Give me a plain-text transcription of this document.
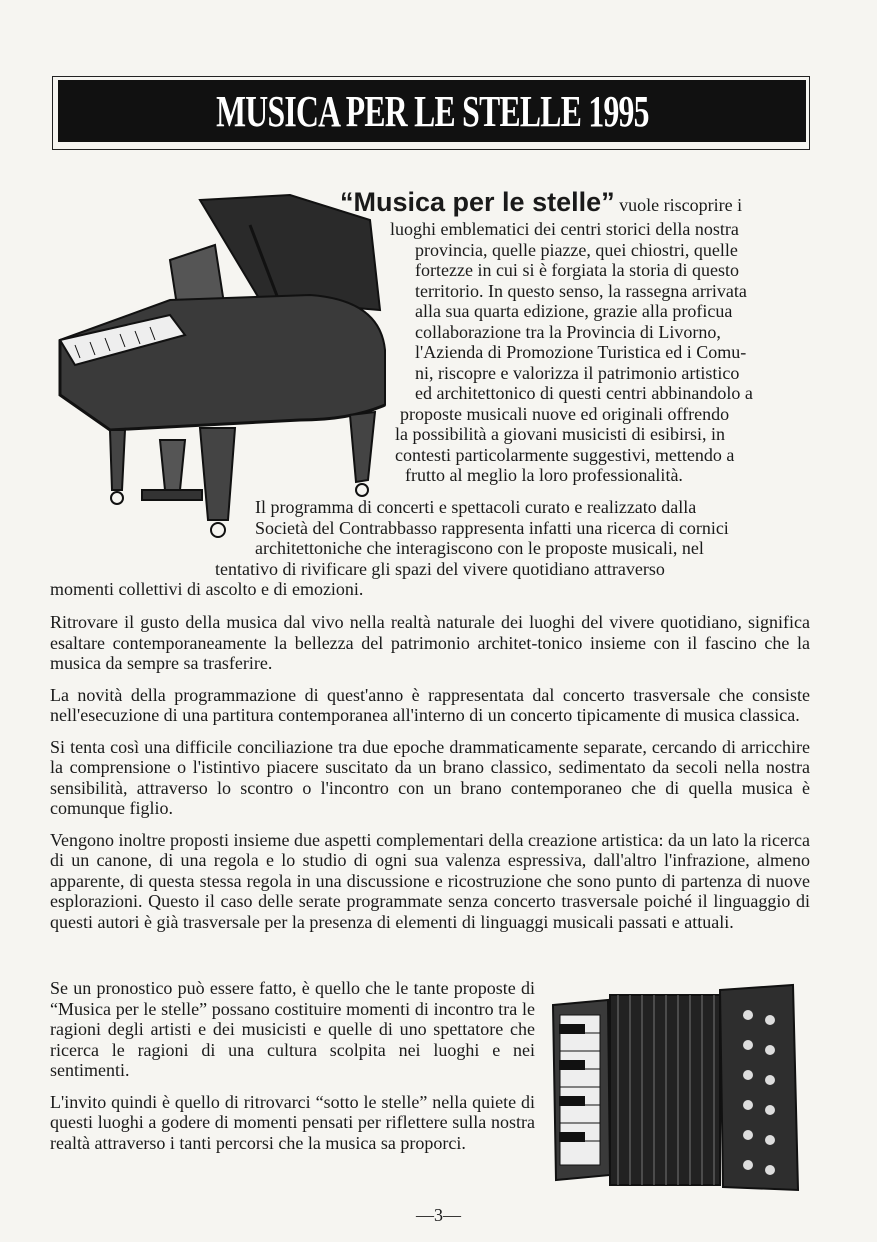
MUSICA PER LE STELLE 1995
“Musica per le stelle” vuole riscoprire i
luoghi emblematici dei centri storici della nostra
provincia, quelle piazze, quei chiostri, quelle
fortezze in cui si è forgiata la storia di questo
territorio. In questo senso, la rassegna arrivata
alla sua quarta edizione, grazie alla proficua
collaborazione tra la Provincia di Livorno,
l'Azienda di Promozione Turistica ed i Comu-
ni, riscopre e valorizza il patrimonio artistico
ed architettonico di questi centri abbinandolo a
proposte musicali nuove ed originali offrendo
la possibilità a giovani musicisti di esibirsi, in
contesti particolarmente suggestivi, mettendo a
frutto al meglio la loro professionalità.
Il programma di concerti e spettacoli curato e realizzato dalla
Società del Contrabbasso rappresenta infatti una ricerca di cornici
architettoniche che interagiscono con le proposte musicali, nel
tentativo di rivificare gli spazi del vivere quotidiano attraverso
momenti collettivi di ascolto e di emozioni.

Ritrovare il gusto della musica dal vivo nella realtà naturale dei luoghi del vivere quotidiano, significa esaltare contemporaneamente la bellezza del patrimonio architet-tonico insieme con il fascino che la musica da sempre sa trasferire.

La novità della programmazione di quest'anno è rappresentata dal concerto trasversale che consiste nell'esecuzione di una partitura contemporanea all'interno di un concerto tipicamente di musica classica.

Si tenta così una difficile conciliazione tra due epoche drammaticamente separate, cercando di arricchire la comprensione o l'istintivo piacere suscitato da un brano classico, sedimentato da secoli nella nostra sensibilità, attraverso lo scontro o l'incontro con un brano contemporaneo che di quella musica è comunque figlio.

Vengono inoltre proposti insieme due aspetti complementari della creazione artistica: da un lato la ricerca di un canone, di una regola e lo studio di ogni sua valenza espressiva, dall'altro l'infrazione, almeno apparente, di questa stessa regola in una discussione e ricostruzione che sono punto di partenza di nuove esplorazioni. Questo il caso delle serate programmate senza concerto trasversale poiché il linguaggio di questi autori è già trasversale per la presenza di elementi di linguaggi musicali passati e attuali.

Se un pronostico può essere fatto, è quello che le tante proposte di “Musica per le stelle” possano costituire momenti di incontro tra le ragioni degli artisti e dei musicisti e quelle di uno spettatore che ricerca le ragioni di una cultura scolpita nei luoghi e nei sentimenti.

L'invito quindi è quello di ritrovarci “sotto le stelle” nella quiete di questi luoghi a godere di momenti pensati per riflettere sulla nostra realtà attraverso i tanti percorsi che la musica sa proporci.

—3—
